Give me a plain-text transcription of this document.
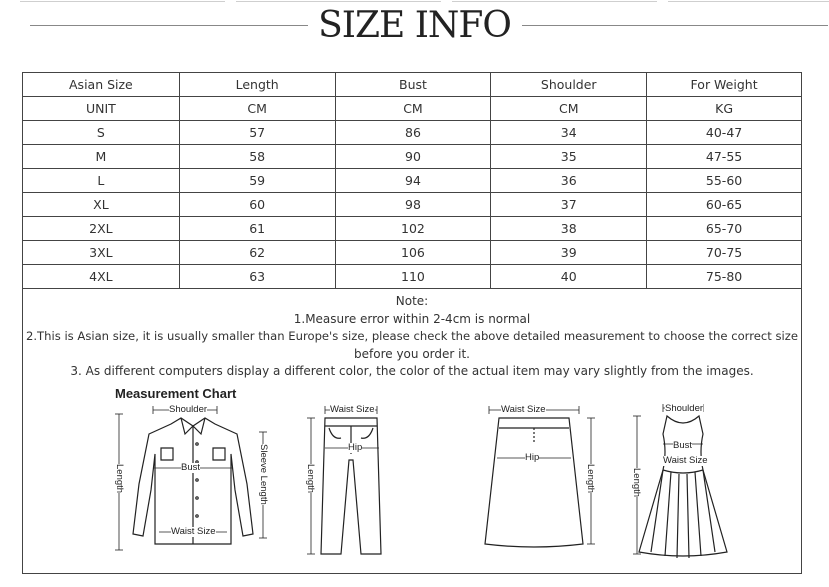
SIZE INFO
Asian Size	Length	Bust	Shoulder	For Weight
UNIT	CM	CM	CM	KG
S	57	86	34	40-47
M	58	90	35	47-55
L	59	94	36	55-60
XL	60	98	37	60-65
2XL	61	102	38	65-70
3XL	62	106	39	70-75
4XL	63	110	40	75-80
Note:
1.Measure error within 2-4cm is normal
2.This is Asian size, it is usually smaller than Europe's size, please check the above detailed measurement to choose the correct size
before you order it.
3. As different computers display a different color, the color of the actual item may vary slightly from the images.
Measurement Chart
Shoulder
Bust
Waist Size
Sleeve Length
Length
Waist Size
Hip
Length
Waist Size
Hip
Length
Shoulder
Bust
Waist Size
Length
